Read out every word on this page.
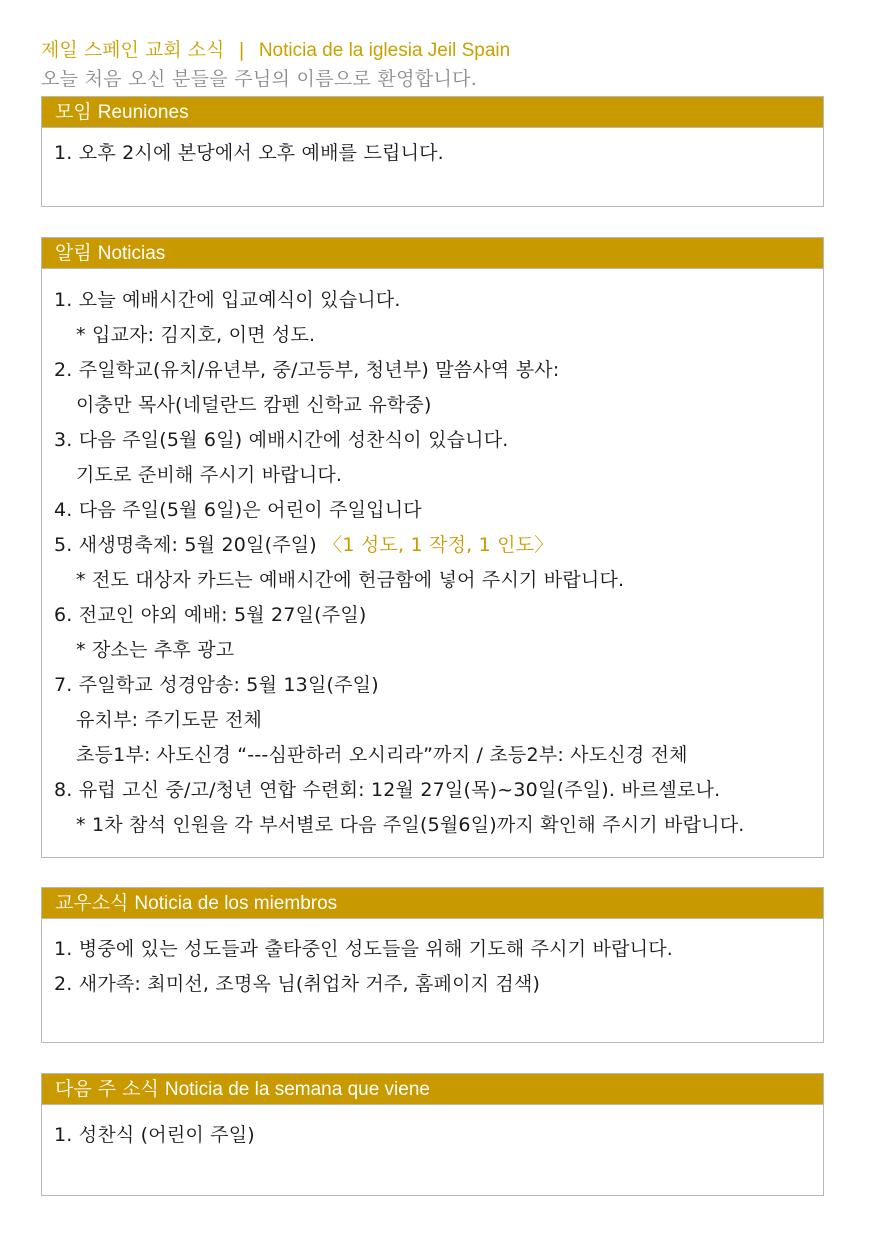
제일 스페인 교회 소식 | Noticia de la iglesia Jeil Spain
오늘 처음 오신 분들을 주님의 이름으로 환영합니다.
모임 Reuniones
1. 오후 2시에 본당에서 오후 예배를 드립니다.
알림 Noticias
1. 오늘 예배시간에 입교예식이 있습니다.
* 입교자: 김지호, 이면 성도.
2. 주일학교(유치/유년부, 중/고등부, 청년부) 말씀사역 봉사:
이충만 목사(네덜란드 캄펜 신학교 유학중)
3. 다음 주일(5월 6일) 예배시간에 성찬식이 있습니다.
기도로 준비해 주시기 바랍니다.
4. 다음 주일(5월 6일)은 어린이 주일입니다
5. 새생명축제: 5월 20일(주일) 〈1 성도, 1 작정, 1 인도〉
* 전도 대상자 카드는 예배시간에 헌금함에 넣어 주시기 바랍니다.
6. 전교인 야외 예배: 5월 27일(주일)
* 장소는 추후 광고
7. 주일학교 성경암송: 5월 13일(주일)
유치부: 주기도문 전체
초등1부: 사도신경 “---심판하러 오시리라”까지 / 초등2부: 사도신경 전체
8. 유럽 고신 중/고/청년 연합 수련회: 12월 27일(목)~30일(주일). 바르셀로나.
* 1차 참석 인원을 각 부서별로 다음 주일(5월6일)까지 확인해 주시기 바랍니다.
교우소식 Noticia de los miembros
1. 병중에 있는 성도들과 출타중인 성도들을 위해 기도해 주시기 바랍니다.
2. 새가족: 최미선, 조명옥 님(취업차 거주, 홈페이지 검색)
다음 주 소식 Noticia de la semana que viene
1. 성찬식 (어린이 주일)
